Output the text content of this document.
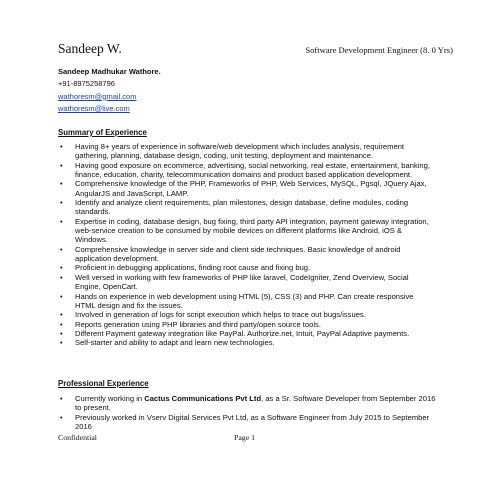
Sandeep W.	Software Development Engineer (8. 0 Yrs)
Sandeep Madhukar Wathore.
+91-8975258796
wathoresm@gmail.com
wathoresm@live.com
Summary of Experience
• Having 8+ years of experience in software/web development which includes analysis, requirement gathering, planning, database design, coding, unit testing, deployment and maintenance.
• Having good exposure on ecommerce, advertising, social networking, real estate, entertainment, banking, finance, education, charity, telecommunication domains and product based application development.
• Comprehensive knowledge of the PHP, Frameworks of PHP, Web Services, MySQL, Pgsql, JQuery Ajax, AngularJS and JavaScript, LAMP.
• Identify and analyze client requirements, plan milestones, design database, define modules, coding standards.
• Expertise in coding, database design, bug fixing, third party API integration, payment gateway integration, web-service creation to be consumed by mobile devices on different platforms like Android, iOS & Windows.
• Comprehensive knowledge in server side and client side techniques. Basic knowledge of android application development.
• Proficient in debugging applications, finding root cause and fixing bug.
• Well versed in working with few frameworks of PHP like laravel, CodeIgniter, Zend Overview, Social Engine, OpenCart.
• Hands on experience in web development using HTML (5), CSS (3) and PHP. Can create responsive HTML design and fix the issues.
• Involved in generation of logs for script execution which helps to trace out bugs/issues.
• Reports generation using PHP libraries and third party/open source tools.
• Different Payment gateway integration like PayPal. Authorize.net, Intuit, PayPal Adaptive payments.
• Self-starter and ability to adapt and learn new technologies.
Professional Experience
• Currently working in Cactus Communications Pvt Ltd, as a Sr. Software Developer from September 2016 to present.
• Previously worked in Vserv Digital Services Pvt Ltd, as a Software Engineer from July 2015 to September 2016
Confidential	Page 1
